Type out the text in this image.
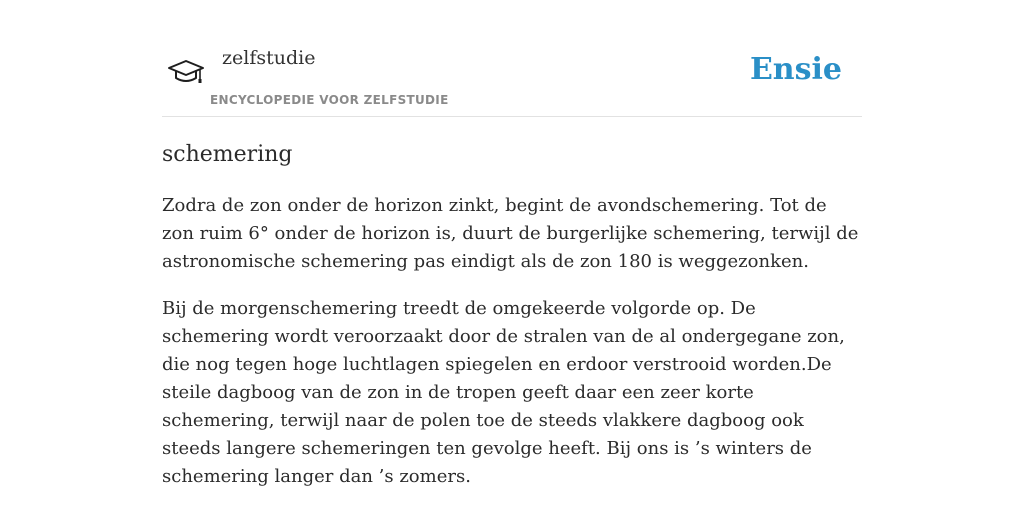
zelfstudie
ENCYCLOPEDIE VOOR ZELFSTUDIE
Ensie
schemering

Zodra de zon onder de horizon zinkt, begint de avondschemering. Tot de zon ruim 6° onder de horizon is, duurt de burgerlijke schemering, terwijl de astronomische schemering pas eindigt als de zon 180 is weggezonken.

Bij de morgenschemering treedt de omgekeerde volgorde op. De schemering wordt veroorzaakt door de stralen van de al ondergegane zon, die nog tegen hoge luchtlagen spiegelen en erdoor verstrooid worden.De steile dagboog van de zon in de tropen geeft daar een zeer korte schemering, terwijl naar de polen toe de steeds vlakkere dagboog ook steeds langere schemeringen ten gevolge heeft. Bij ons is ’s winters de schemering langer dan ’s zomers.
